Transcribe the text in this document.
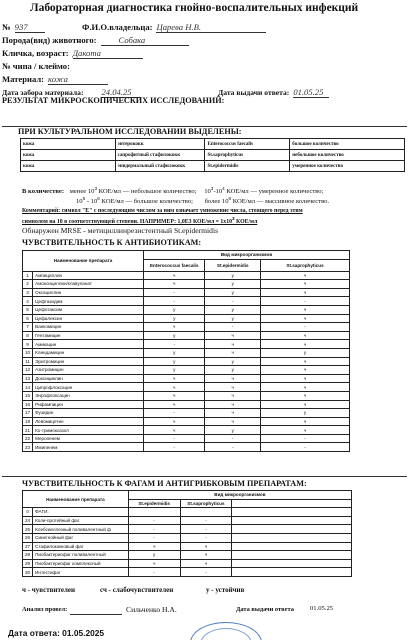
Лабораторная диагностика гнойно-воспалительных инфекций
№ 937	Ф.И.О.владельца: Царева Н.В.
Порода(вид) животного:	Собака
Кличка, возраст: Дакота
№ чипа / клеймо:
Материал: кожа
Дата забора материала: 24.04.25	Дата выдачи ответа: 01.05.25
РЕЗУЛЬТАТ МИКРОСКОПИЧЕСКИХ ИССЛЕДОВАНИЙ:
ПРИ КУЛЬТУРАЛЬНОМ ИССЛЕДОВАНИИ ВЫДЕЛЕНЫ:
кожа	энтерококк	Enterococcus faecalis	большое количество
кожа	сапрофитный стафилококк	St.saprophyticus	небольшое количество
кожа	эпидермальный стафилококк	St.epidermidis	умеренное количество
В количестве: менее $10^3$ КОЕ/мл — небольшое количество; $10^3-10^4$ КОЕ/мл — умеренное количество;
$10^5 - 10^6$ КОЕ/мл — большое количество; более $10^6$ КОЕ/мл — массивное количество.
Комментарий: символ "Е" с последующим числом за ним означает умножение числа, стоящего перед этим
символом на 10 в соответствующей степени. НАПРИМЕР: 1,0Е3 $КОЕ/мл = 1х10^3$ КОЕ/мл
Обнаружен MRSE - метициллинрезистентный St.epidermidis
ЧУВСТВИТЕЛЬНОСТЬ К АНТИБИОТИКАМ:
Наименование препарата		Вид микроорганизмов		
		Enterococcus faecalis	St.epidermidis	St.saprophyticus
1	Ампициллин	ч	у	ч
2	Амоксициллин/клавуланат	ч	у	ч
3	Оксациллин	-	у	ч
4	Цефтазидим	-	-	-
5	Цефотаксим	у	у	ч
6	Цефалексин	у	у	ч
7	Ванкомицин	ч	-	-
8	Гентамицин	у	ч	ч
9	Амикацин	-	ч	ч
10	Клиндамицин	у	ч	у
11	Эритромицин	у	у	ч
12	Азитромицин	у	у	ч
13	Доксициклин	ч	ч	ч
14	Ципрофлоксацин	ч	ч	ч
15	Энрофлоксацин	ч	ч	ч
16	Рифампицин	ч	ч	ч
17	Фузидин	-	ч	у
18	Левомицетин	ч	ч	ч
21	Ко-тримоксазол	ч	у	ч
22	Меропенем	-	-	-
23	Имипенем	-	-	-
ЧУВСТВИТЕЛЬНОСТЬ К ФАГАМ И АНТИГРИБКОВЫМ ПРЕПАРАТАМ:
Наименование препарата		Вид микроорганизмов		
		St.epidermidis	St.saprophyticus	
0	ФАГИ:			
24	Коли-протейный фаг	-	-	
25	Клебсиеллезный поливалентный ф	-	-	
26	Синегнойный фаг	-	-	
27	Стафилококковый фаг	ч	ч	
28	Пиобактериофаг поливалентный	у	ч	
29	Пиобактериофаг комплексный	ч	ч	
30	Интестифаг	-	-	
ч - чувствителен	сч - слабочувствителен	у - устойчив
Анализ провел:	Сильченко Н.А.	Дата выдачи ответа 01.05.25
Дата ответа: 01.05.2025
